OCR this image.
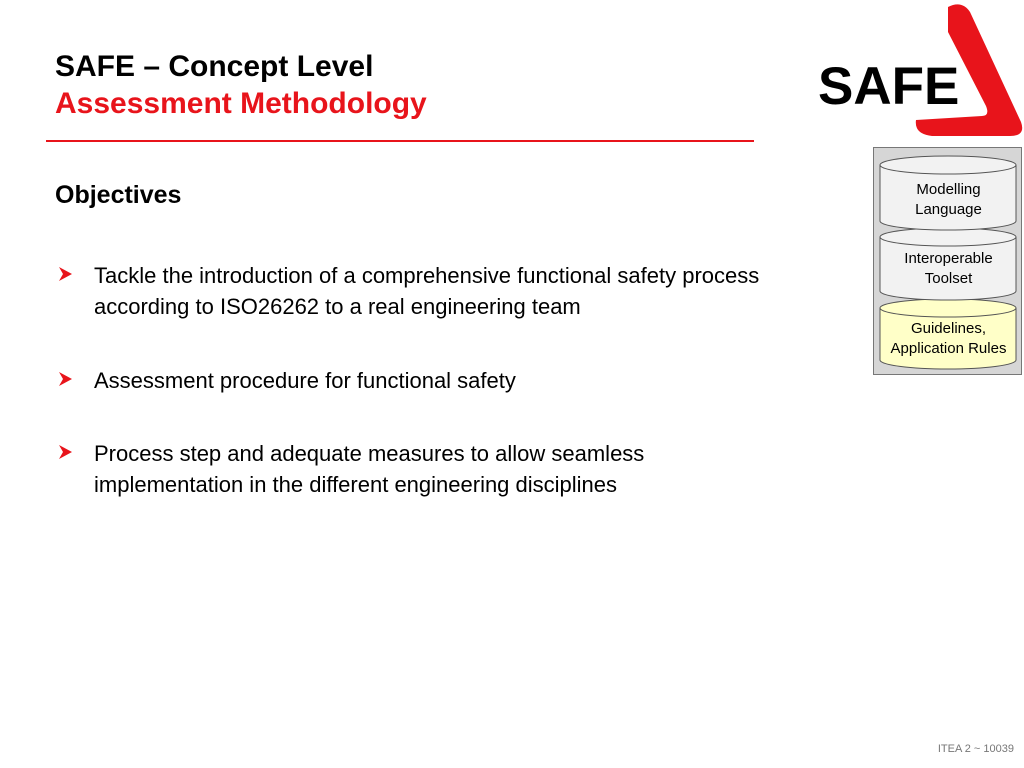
SAFE
SAFE – Concept Level
Assessment Methodology
Objectives
Tackle the introduction of a comprehensive functional safety process according to ISO26262 to a real engineering team
Assessment procedure for functional safety
Process step and adequate measures to allow seamless implementation in the different engineering disciplines
Modelling
Language
Interoperable
Toolset
Guidelines,
Application Rules
ITEA 2 ~ 10039
